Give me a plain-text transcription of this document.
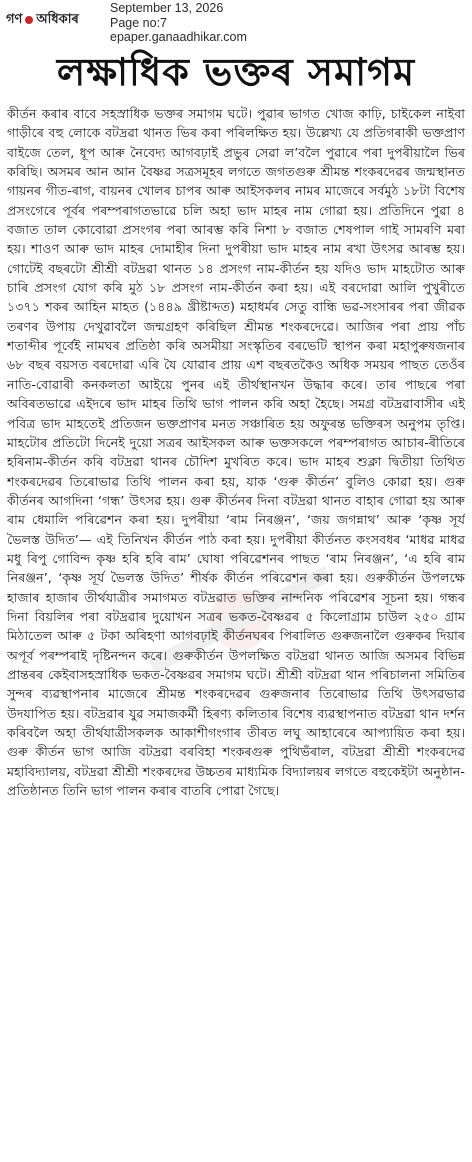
গণ অধিকাৰ
September 13, 2026
Page no:7
epaper.ganaadhikar.com
লক্ষাধিক ভক্তৰ সমাগম

কীৰ্তন কৰাৰ বাবে সহস্ৰাধিক ভক্তৰ সমাগম ঘটে। পুৱাৰ ভাগত খোজ কাঢ়ি, চাইকেল নাইবা গাড়ীৰে বহু লোকে বটদ্ৰৱা থানত ভিৰ কৰা পৰিলক্ষিত হয়। উল্লেখ্য যে প্ৰতিগৰাকী ভক্তপ্ৰাণ বাইজে তেল, ধূপ আৰু নৈবেদ্য আগবঢ়াই প্ৰভুৰ সেৱা ল’বলৈ পুৱাৰে পৰা দুপৰীয়ালৈ ভিৰ কৰিছি। অসমৰ আন আন বৈষ্ণৱ সত্ৰসমূহৰ লগতে জগতগুৰু শ্ৰীমন্ত শংকৰদেৱৰ জন্মস্থানত গায়নৰ গীত-ৰাগ, বায়নৰ খোলৰ চাপৰ আৰু আইসকলৰ নামৰ মাজেৰে সৰ্বমুঠ ১৮টা বিশেষ প্ৰসংগেৰে পূৰ্বৰ পৰম্পৰাগতভাৱে চলি অহা ভাদ মাহৰ নাম গোৱা হয়। প্ৰতিদিনে পুৱা ৪ বজাত তাল কোবোৱা প্ৰসংগৰ পৰা আৰম্ভ কৰি নিশা ৮ বজাত শেষপাল গাই সামৰণি মৰা হয়। শাওণ আৰু ভাদ মাহৰ দোমাহীৰ দিনা দুপৰীয়া ভাদ মাহৰ নাম ৰখা উৎসৱ আৰম্ভ হয়। গোটেই বছৰটো শ্ৰীশ্ৰী বটদ্ৰৱা থানত ১৪ প্ৰসংগ নাম-কীৰ্তন হয় যদিও ভাদ মাহটোত আৰু চাৰি প্ৰসংগ যোগ কৰি মুঠ ১৮ প্ৰসংগ নাম-কীৰ্তন কৰা হয়। এই বৰদোৱা আলি পুখুৰীতে ১৩৭১ শকৰ আহিন মাহত (১৪৪৯ খ্ৰীষ্টাব্দত) মহাধৰ্মৰ সেতু বান্ধি ভৱ-সংসাৰৰ পৰা জীৱক তৰণৰ উপায় দেখুৱাবলৈ জন্মগ্ৰহণ কৰিছিল শ্ৰীমন্ত শংকৰদেৱে। আজিৰ পৰা প্ৰায় পাঁচ শতাব্দীৰ পূৰ্বেই নামঘৰ প্ৰতিষ্ঠা কৰি অসমীয়া সংস্কৃতিৰ বৰভেটি স্থাপন কৰা মহাপুৰুষজনাৰ ৬৮ বছৰ বয়সত বৰদোৱা এৰি যৈ যোৱাৰ প্ৰায় এশ বছৰতকৈও অধিক সময়ৰ পাছত তেওঁৰ নাতি-বোৱাৰী কনকলতা আইয়ে পুনৰ এই তীৰ্থস্থানখন উদ্ধাৰ কৰে। তাৰ পাছৰে পৰা অবিৰতভাৱে এইদৰে ভাদ মাহৰ তিথি ভাগ পালন কৰি অহা হৈছে। সমগ্ৰ বটদ্ৰৱাবাসীৰ এই পবিত্ৰ ভাদ মাহতেই প্ৰতিজন ভক্তপ্ৰাণৰ মনত সঞ্চাৰিত হয় অফুৰন্ত ভক্তিৰস অনুপম তৃপ্তি। মাহটোৰ প্ৰতিটো দিনেই দুয়ো সত্ৰৰ আইসকল আৰু ভক্তসকলে পৰম্পৰাগত আচাৰ-ৰীতিৰে হৰিনাম-কীৰ্তন কৰি বটদ্ৰৱা থানৰ চৌদিশ মুখৰিত কৰে। ভাদ মাহৰ শুক্লা দ্বিতীয়া তিথিত শংকৰদেৱৰ তিৰোভাৱ তিথি পালন কৰা হয়, যাক ‘গুৰু কীৰ্তন’ বুলিও কোৱা হয়। গুৰু কীৰ্তনৰ আগদিনা ‘গন্ধ’ উৎসৱ হয়। গুৰু কীৰ্তনৰ দিনা বটদ্ৰৱা থানত বাহাৰ গোৱা হয় আৰু ৰাম ধেমালি পৰিৱেশন কৰা হয়। দুপৰীয়া ‘ৰাম নিৰঞ্জন’, ‘জয় জগন্নাথ’ আৰু ‘কৃষ্ণ সূৰ্য ভৈলস্ত উদিত’— এই তিনিখন কীৰ্তন পাঠ কৰা হয়। দুপৰীয়া কীৰ্তনত কংসবধৰ ‘মাধৱ মাধৱ মধু ৰিপু গোবিন্দ কৃষ্ণ হৰি হৰি ৰাম’ ঘোষা পৰিৱেশনৰ পাছত ‘ৰাম নিৰঞ্জন’, ‘এ হৰি ৰাম নিৰঞ্জন’, ‘কৃষ্ণ সূৰ্য ভৈলস্ত উদিত’ শীৰ্ষক কীৰ্তন পৰিৱেশন কৰা হয়। গুৰুকীৰ্তন উপলক্ষে হাজাৰ হাজাৰ তীৰ্থযাত্ৰীৰ সমাগমত বটদ্ৰৱাত ভক্তিৰ নান্দনিক পৰিৱেশৰ সূচনা হয়। গন্ধৰ দিনা বিয়লিৰ পৰা বটদ্ৰৱাৰ দুয়োখন সত্ৰৰ ভকত-বৈষ্ণৱৰ ৫ কিলোগ্ৰাম চাউল ২৫০ গ্ৰাম মিঠাতেল আৰু ৫ টকা অৰিহণা আগবঢ়াই কীৰ্তনঘৰৰ পিৰালিত গুৰুজনালৈ গুৰুকৰ দিয়াৰ অপূৰ্ব পৰম্পৰাই দৃষ্টিনন্দন কৰে। গুৰুকীৰ্তন উপলক্ষিত বটদ্ৰৱা থানত আজি অসমৰ বিভিন্ন প্ৰান্তৰৰ কেইবাসহস্ৰাধিক ভকত-বৈষ্ণৱৰ সমাগম ঘটে। শ্ৰীশ্ৰী বটদ্ৰৱা থান পৰিচালনা সমিতিৰ সুন্দৰ ব্যৱস্থাপনাৰ মাজেৰে শ্ৰীমন্ত শংকৰদেৱৰ গুৰুজনাৰ তিৰোভাৱ তিথি উৎসৱভাৱ উদযাপিত হয়। বটদ্ৰৱাৰ যুৱ সমাজকৰ্মী হিৰণ্য কলিতাৰ বিশেষ ব্যৱস্থাপনাত বটদ্ৰৱা থান দৰ্শন কৰিবলৈ অহা তীৰ্থযাত্ৰীসকলক আকাশীগংগাৰ তীৰত লঘু আহাৰেৰে আপ্যায়িত কৰা হয়। গুৰু কীৰ্তন ভাগ আজি বটদ্ৰৱা বৰবিহা শংকৰগুৰু পুথিভঁৰাল, বটদ্ৰৱা শ্ৰীশ্ৰী শংকৰদেৱ মহাবিদ্যালয়, বটদ্ৰৱা শ্ৰীশ্ৰী শংকৰদেৱ উচ্চতৰ মাধ্যমিক বিদ্যালয়ৰ লগতে বহুকেইটা অনুষ্ঠান-প্ৰতিষ্ঠানত তিনি ভাগ পালন কৰাৰ বাতৰি পোৱা গৈছে।
